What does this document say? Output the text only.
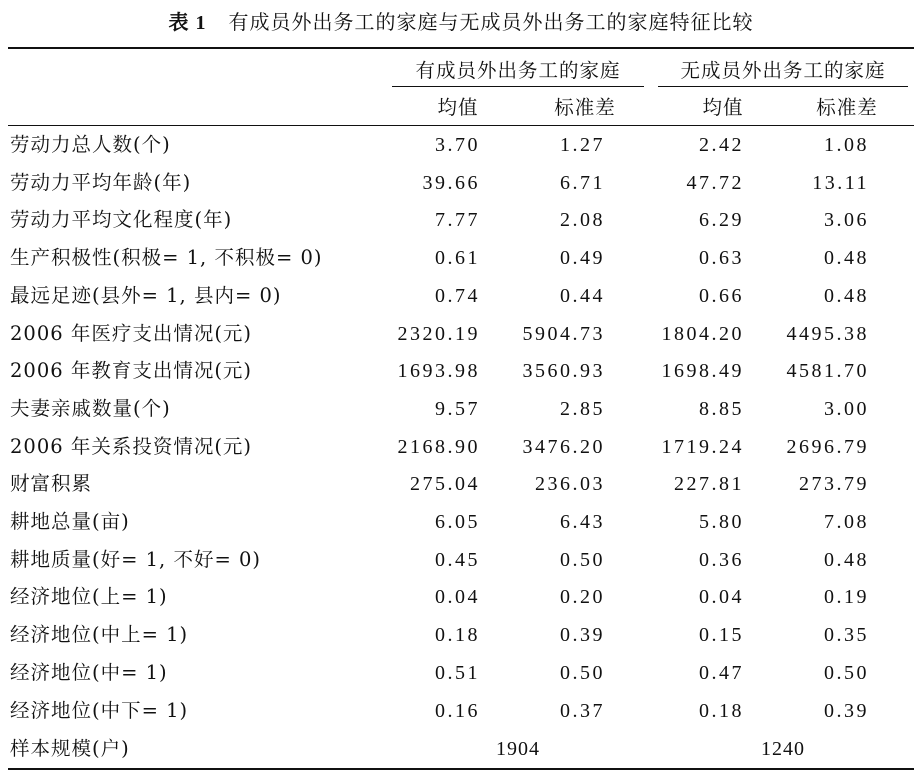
表 1 有成员外出务工的家庭与无成员外出务工的家庭特征比较
有成员外出务工的家庭	无成员外出务工的家庭
均值	标准差	均值	标准差
劳动力总人数(个)	3.70	1.27	2.42	1.08
劳动力平均年龄(年)	39.66	6.71	47.72	13.11
劳动力平均文化程度(年)	7.77	2.08	6.29	3.06
生产积极性(积极= 1, 不积极= 0)	0.61	0.49	0.63	0.48
最远足迹(县外= 1, 县内= 0)	0.74	0.44	0.66	0.48
2006 年医疗支出情况(元)	2320.19	5904.73	1804.20	4495.38
2006 年教育支出情况(元)	1693.98	3560.93	1698.49	4581.70
夫妻亲戚数量(个)	9.57	2.85	8.85	3.00
2006 年关系投资情况(元)	2168.90	3476.20	1719.24	2696.79
财富积累	275.04	236.03	227.81	273.79
耕地总量(亩)	6.05	6.43	5.80	7.08
耕地质量(好= 1, 不好= 0)	0.45	0.50	0.36	0.48
经济地位(上= 1)	0.04	0.20	0.04	0.19
经济地位(中上= 1)	0.18	0.39	0.15	0.35
经济地位(中= 1)	0.51	0.50	0.47	0.50
经济地位(中下= 1)	0.16	0.37	0.18	0.39
样本规模(户)	1904	1240
